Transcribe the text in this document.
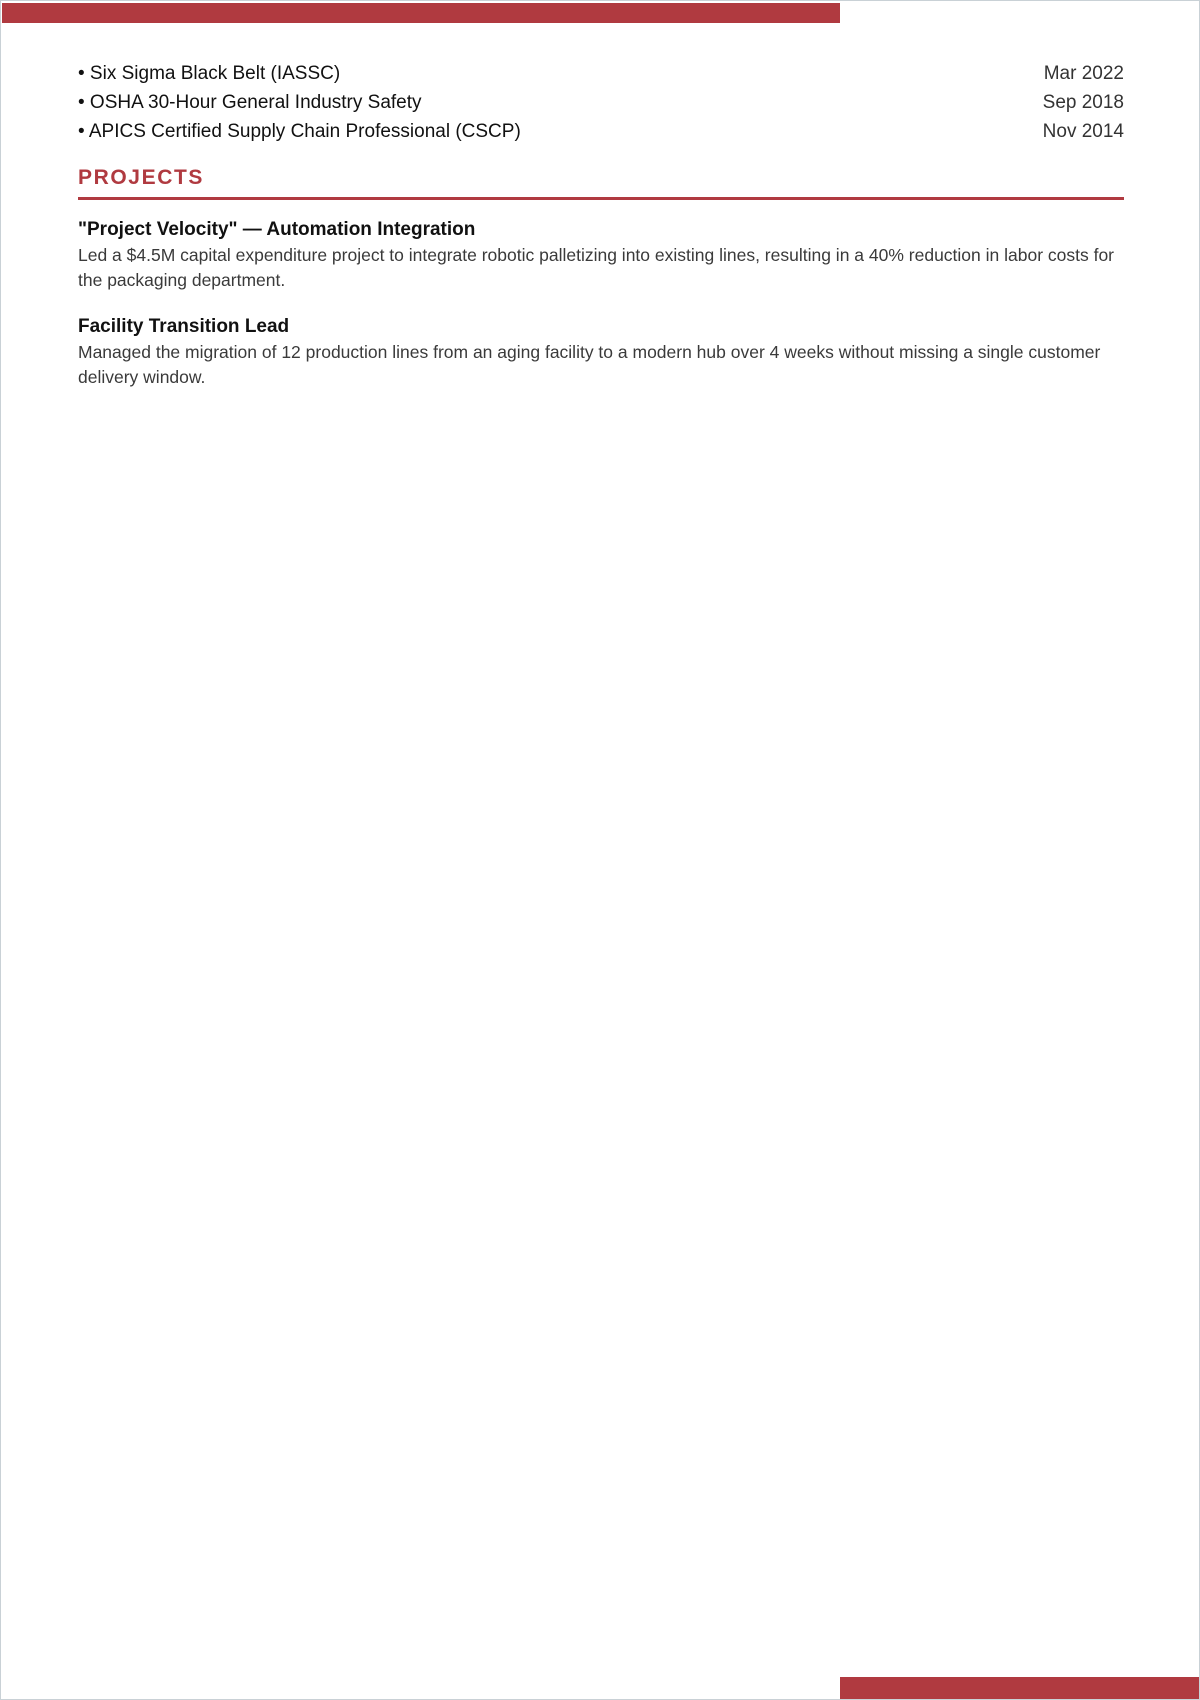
• Six Sigma Black Belt (IASSC)	Mar 2022
• OSHA 30-Hour General Industry Safety	Sep 2018
• APICS Certified Supply Chain Professional (CSCP)	Nov 2014
PROJECTS
"Project Velocity" — Automation Integration
Led a $4.5M capital expenditure project to integrate robotic palletizing into existing lines, resulting in a 40% reduction in labor costs for the packaging department.
Facility Transition Lead
Managed the migration of 12 production lines from an aging facility to a modern hub over 4 weeks without missing a single customer delivery window.
